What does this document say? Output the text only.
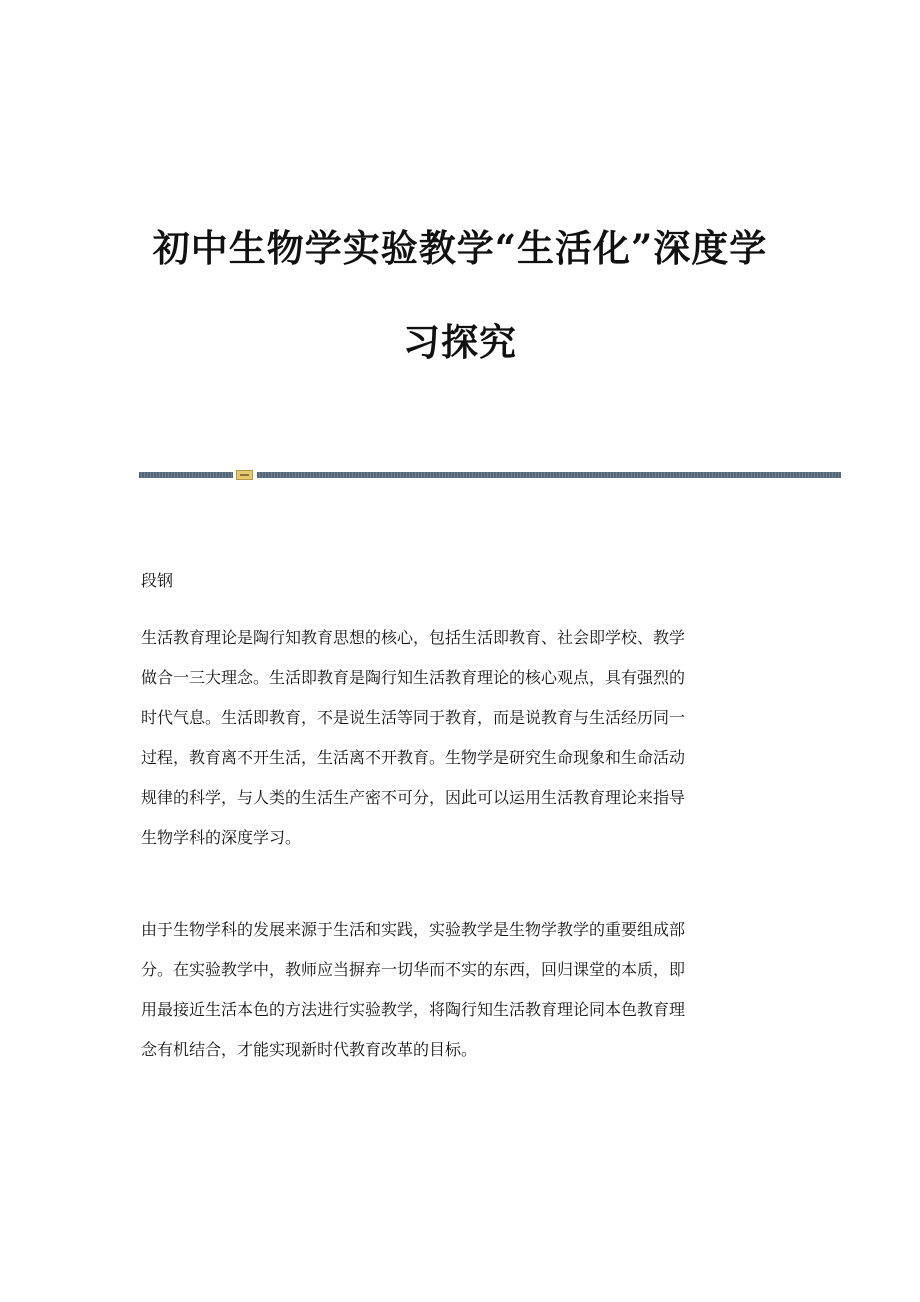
初中生物学实验教学“生活化”深度学
习探究

段钢

生活教育理论是陶行知教育思想的核心，包括生活即教育、社会即学校、教学
做合一三大理念。生活即教育是陶行知生活教育理论的核心观点，具有强烈的
时代气息。生活即教育，不是说生活等同于教育，而是说教育与生活经历同一
过程，教育离不开生活，生活离不开教育。生物学是研究生命现象和生命活动
规律的科学，与人类的生活生产密不可分，因此可以运用生活教育理论来指导
生物学科的深度学习。

由于生物学科的发展来源于生活和实践，实验教学是生物学教学的重要组成部
分。在实验教学中，教师应当摒弃一切华而不实的东西，回归课堂的本质，即
用最接近生活本色的方法进行实验教学，将陶行知生活教育理论同本色教育理
念有机结合，才能实现新时代教育改革的目标。
